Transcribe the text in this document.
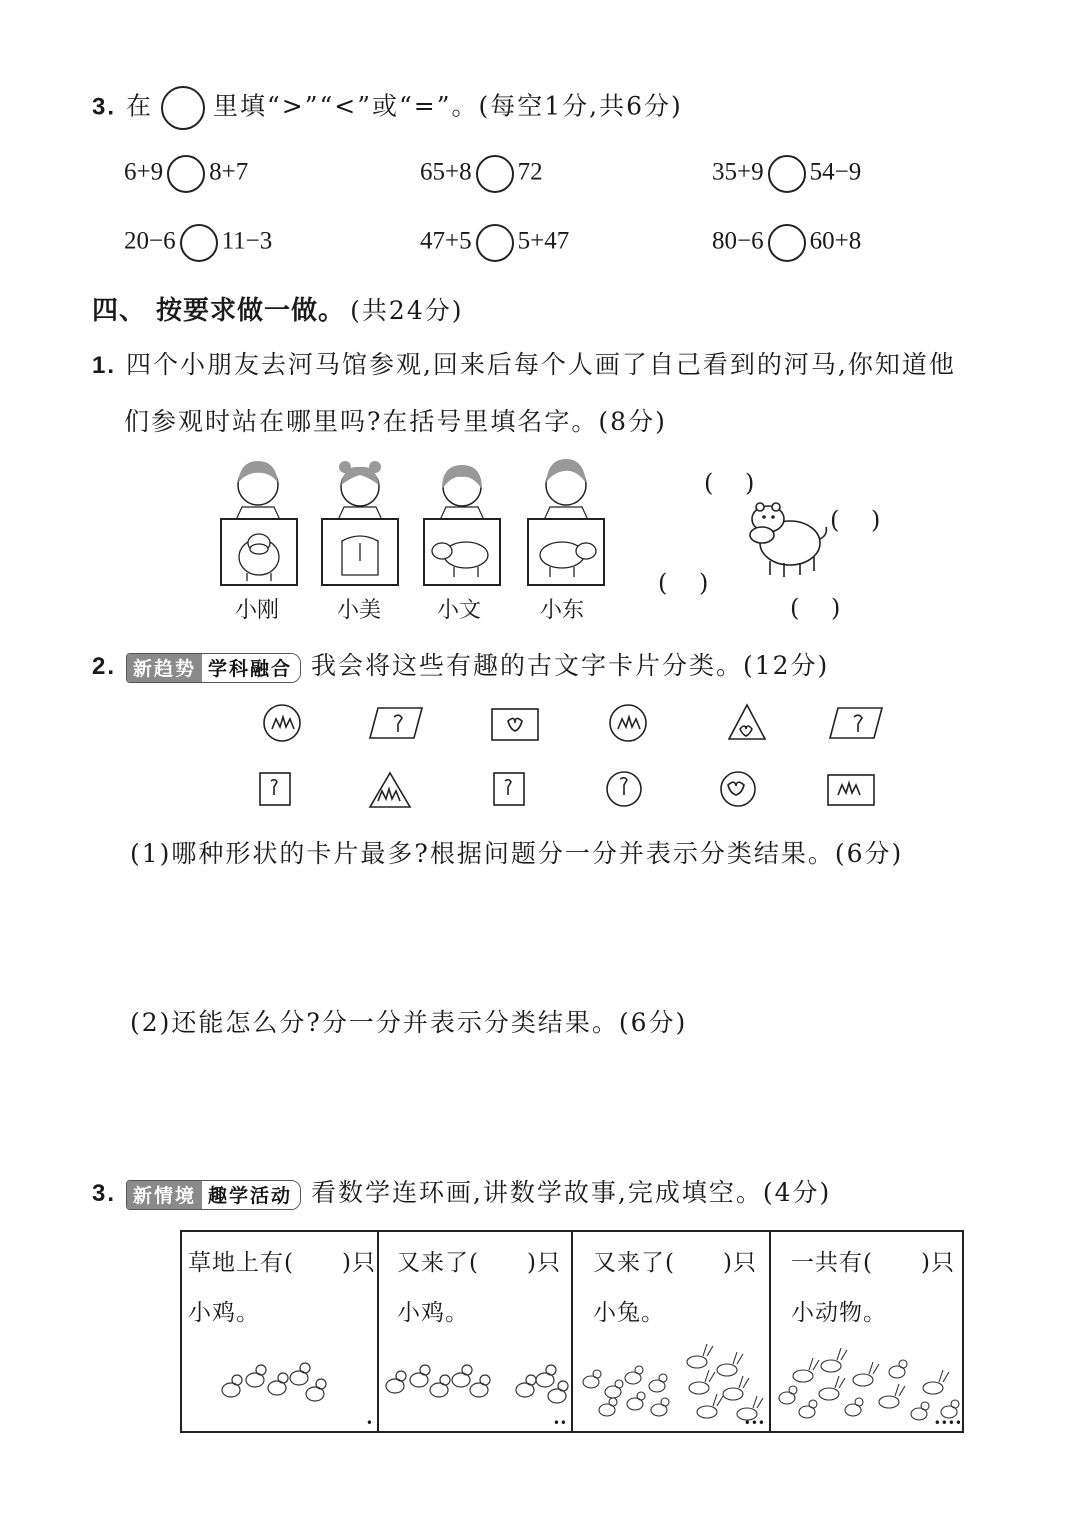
3. 在 里填“>”“<”或“=”。(每空1分,共6分)
6+9 8+7	65+8 72	35+9 54−9
20−6 11−3	47+5 5+47	80−6 60+8
四、 按要求做一做。 (共24分)
1. 四个小朋友去河马馆参观,回来后每个人画了自己看到的河马,你知道他
们参观时站在哪里吗?在括号里填名字。(8分)
小刚	小美	小文	小东
(　 )
(　 )
(　 )
(　 )
2. 新趋势 学科融合 我会将这些有趣的古文字卡片分类。(12分)
(1)哪种形状的卡片最多?根据问题分一分并表示分类结果。(6分)
(2)还能怎么分?分一分并表示分类结果。(6分)
3. 新情境 趣学活动 看数学连环画,讲数学故事,完成填空。(4分)
草地上有(　　)只
小鸡。
•
又来了(　　)只
小鸡。
••
又来了(　　)只
小兔。
•••
一共有(　　)只
小动物。
••••
